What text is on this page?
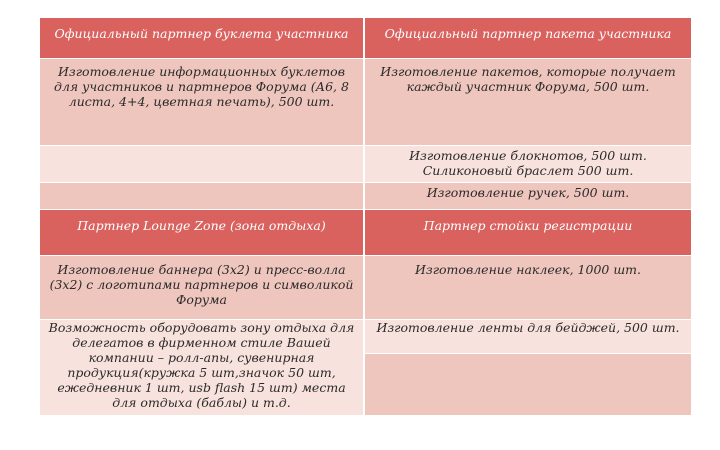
Официальный партнер буклета участника	Официальный партнер пакета участника
Изготовление информационных буклетов для участников и партнеров Форума (А6, 8 листа, 4+4, цветная печать), 500 шт.
Изготовление пакетов, которые получает каждый участник Форума, 500 шт.
Изготовление блокнотов, 500 шт.
Силиконовый браслет 500 шт.
Изготовление ручек, 500 шт.
Партнер Lounge Zone (зона отдыха)	Партнер стойки регистрации
Изготовление баннера (3х2) и пресс-волла (3х2) с логотипами партнеров и символикой Форума
Изготовление наклеек, 1000 шт.
Возможность оборудовать зону отдыха для делегатов в фирменном стиле Вашей компании – ролл-апы, сувенирная продукция(кружка 5 шт,значок 50 шт, ежедневник 1 шт, usb flash 15 шт) места для отдыха (баблы) и т.д.
Изготовление ленты для бейджей, 500 шт.
